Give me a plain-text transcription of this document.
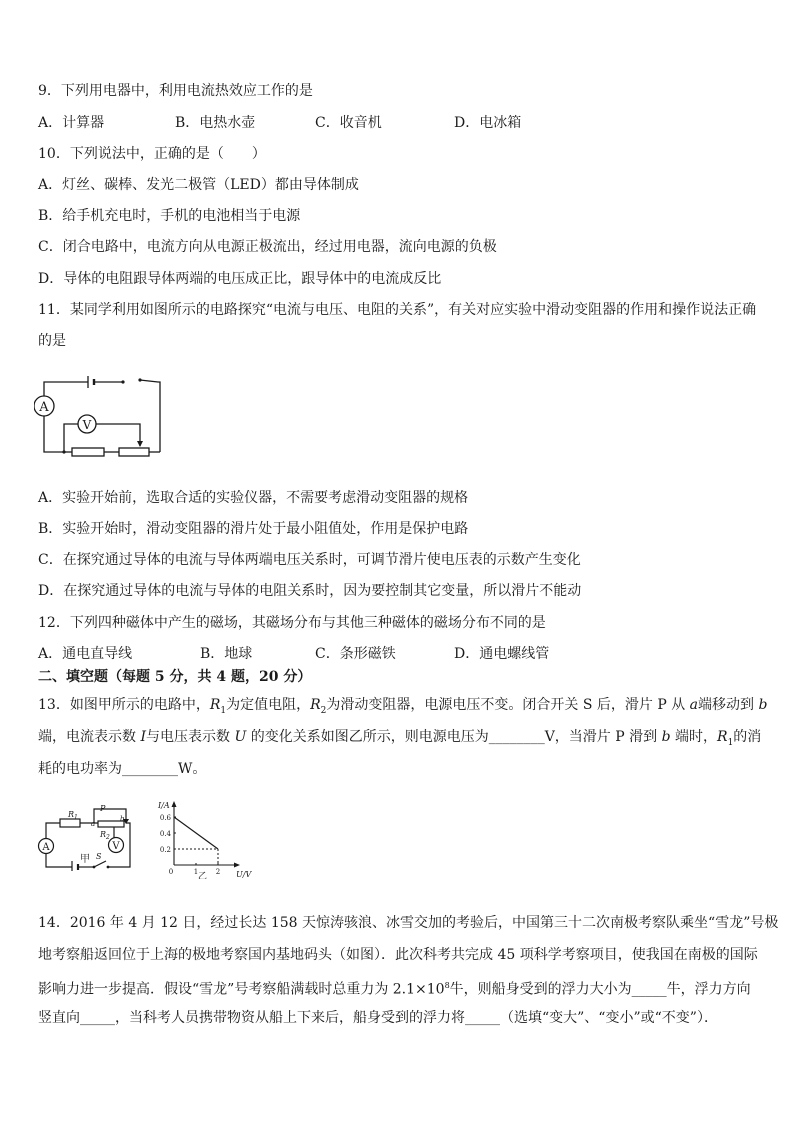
9．下列用电器中，利用电流热效应工作的是
A．计算器	B．电热水壶	C．收音机	D．电冰箱
10．下列说法中，正确的是（　　）
A．灯丝、碳棒、发光二极管（LED）都由导体制成
B．给手机充电时，手机的电池相当于电源
C．闭合电路中，电流方向从电源正极流出，经过用电器，流向电源的负极
D．导体的电阻跟导体两端的电压成正比，跟导体中的电流成反比
11．某同学利用如图所示的电路探究“电流与电压、电阻的关系”，有关对应实验中滑动变阻器的作用和操作说法正确
的是
A
V
A．实验开始前，选取合适的实验仪器，不需要考虑滑动变阻器的规格
B．实验开始时，滑动变阻器的滑片处于最小阻值处，作用是保护电路
C．在探究通过导体的电流与导体两端电压关系时，可调节滑片使电压表的示数产生变化
D．在探究通过导体的电流与导体的电阻关系时，因为要控制其它变量，所以滑片不能动
12．下列四种磁体中产生的磁场，其磁场分布与其他三种磁体的磁场分布不同的是
A．通电直导线	B．地球	C．条形磁铁	D．通电螺线管
二、填空题（每题 5 分，共 4 题，20 分）
13．如图甲所示的电路中，$R_1$为定值电阻，$R_2$为滑动变阻器，电源电压不变。闭合开关 S 后，滑片 P 从 a端移动到 b
端，电流表示数 I与电压表示数 U 的变化关系如图乙所示，则电源电压为________V，当滑片 P 滑到 b 端时，$R_1$的消
耗的电功率为________W。
$R_1$
P
a
b
$R_2$
A	V
S
甲
0.6
0.4
0.2
0	1	2
I/A
U/V
乙
14．2016 年 4 月 12 日，经过长达 158 天惊涛骇浪、冰雪交加的考验后，中国第三十二次南极考察队乘坐“雪龙”号极
地考察船返回位于上海的极地考察国内基地码头（如图）．此次科考共完成 45 项科学考察项目，使我国在南极的国际
影响力进一步提高．假设“雪龙”号考察船满载时总重力为 $2.1\times 10^8$牛，则船身受到的浮力大小为_____牛，浮力方向
竖直向_____，当科考人员携带物资从船上下来后，船身受到的浮力将_____（选填“变大”、“变小”或“不变”）．
